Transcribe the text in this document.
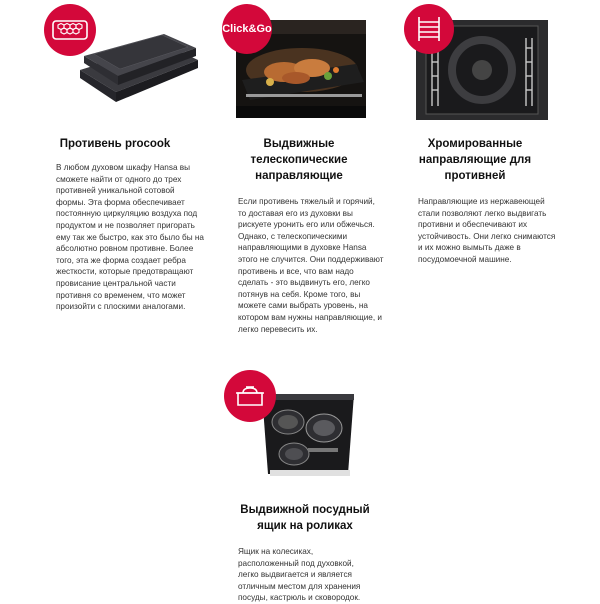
Противень procook
В любом духовом шкафу Hansa вы сможете найти от одного до трех противней уникальной сотовой формы. Эта форма обеспечивает постоянную циркуляцию воздуха под продуктом и не позволяет пригорать ему так же быстро, как это было бы на абсолютно ровном противне. Более того, эта же форма создает ребра жесткости, которые предотвращают провисание центральной части противня со временем, что может произойти с плоскими аналогами.
Click&Go
Выдвижные телескопические направляющие
Если противень тяжелый и горячий, то доставая его из духовки вы рискуете уронить его или обжечься. Однако, с телескопическими направляющими в духовке Hansa этого не случится. Они поддерживают противень и все, что вам надо сделать - это выдвинуть его, легко потянув на себя. Кроме того, вы можете сами выбрать уровень, на котором вам нужны направляющие, и легко перевесить их.
Хромированные направляющие для противней
Направляющие из нержавеющей стали позволяют легко выдвигать противни и обеспечивают их устойчивость. Они легко снимаются и их можно вымыть даже в посудомоечной машине.
Выдвижной посудный ящик на роликах
Ящик на колесиках, расположенный под духовкой, легко выдвигается и является отличным местом для хранения посуды, кастрюль и сковородок.
